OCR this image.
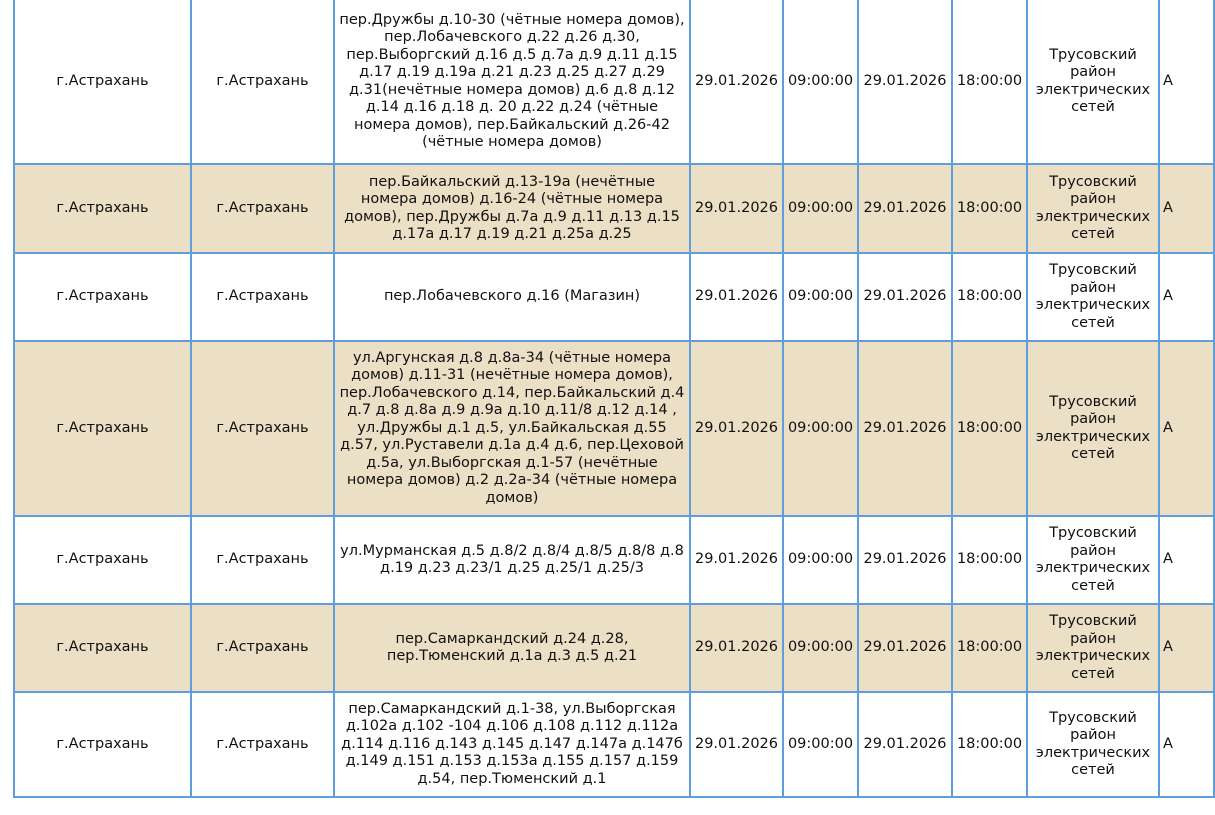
г.Астрахань	г.Астрахань	пер.Дружбы д.10-30 (чётные номера домов), пер.Лобачевского д.22 д.26 д.30, пер.Выборгский д.16 д.5 д.7а д.9 д.11 д.15 д.17 д.19 д.19а д.21 д.23 д.25 д.27 д.29 д.31(нечётные номера домов) д.6 д.8 д.12 д.14 д.16 д.18 д. 20 д.22 д.24 (чётные номера домов), пер.Байкальский д.26-42 (чётные номера домов)	29.01.2026	09:00:00	29.01.2026	18:00:00	Трусовский район электрических сетей	А
г.Астрахань	г.Астрахань	пер.Байкальский д.13-19а (нечётные номера домов) д.16-24 (чётные номера домов), пер.Дружбы д.7а д.9 д.11 д.13 д.15 д.17а д.17 д.19 д.21 д.25а д.25	29.01.2026	09:00:00	29.01.2026	18:00:00	Трусовский район электрических сетей	А
г.Астрахань	г.Астрахань	пер.Лобачевского д.16 (Магазин)	29.01.2026	09:00:00	29.01.2026	18:00:00	Трусовский район электрических сетей	А
г.Астрахань	г.Астрахань	ул.Аргунская д.8 д.8а-34 (чётные номера домов) д.11-31 (нечётные номера домов), пер.Лобачевского д.14, пер.Байкальский д.4 д.7 д.8 д.8а д.9 д.9а д.10 д.11/8 д.12 д.14 , ул.Дружбы д.1 д.5, ул.Байкальская д.55 д.57, ул.Руставели д.1а д.4 д.6, пер.Цеховой д.5а, ул.Выборгская д.1-57 (нечётные номера домов) д.2 д.2а-34 (чётные номера домов)	29.01.2026	09:00:00	29.01.2026	18:00:00	Трусовский район электрических сетей	А
г.Астрахань	г.Астрахань	ул.Мурманская д.5 д.8/2 д.8/4 д.8/5 д.8/8 д.8 д.19 д.23 д.23/1 д.25 д.25/1 д.25/3	29.01.2026	09:00:00	29.01.2026	18:00:00	Трусовский район электрических сетей	А
г.Астрахань	г.Астрахань	пер.Самаркандский д.24 д.28, пер.Тюменский д.1а д.3 д.5 д.21	29.01.2026	09:00:00	29.01.2026	18:00:00	Трусовский район электрических сетей	А
г.Астрахань	г.Астрахань	пер.Самаркандский д.1-38, ул.Выборгская д.102а д.102 -104 д.106 д.108 д.112 д.112а д.114 д.116 д.143 д.145 д.147 д.147а д.147б д.149 д.151 д.153 д.153а д.155 д.157 д.159 д.54, пер.Тюменский д.1	29.01.2026	09:00:00	29.01.2026	18:00:00	Трусовский район электрических сетей	А
